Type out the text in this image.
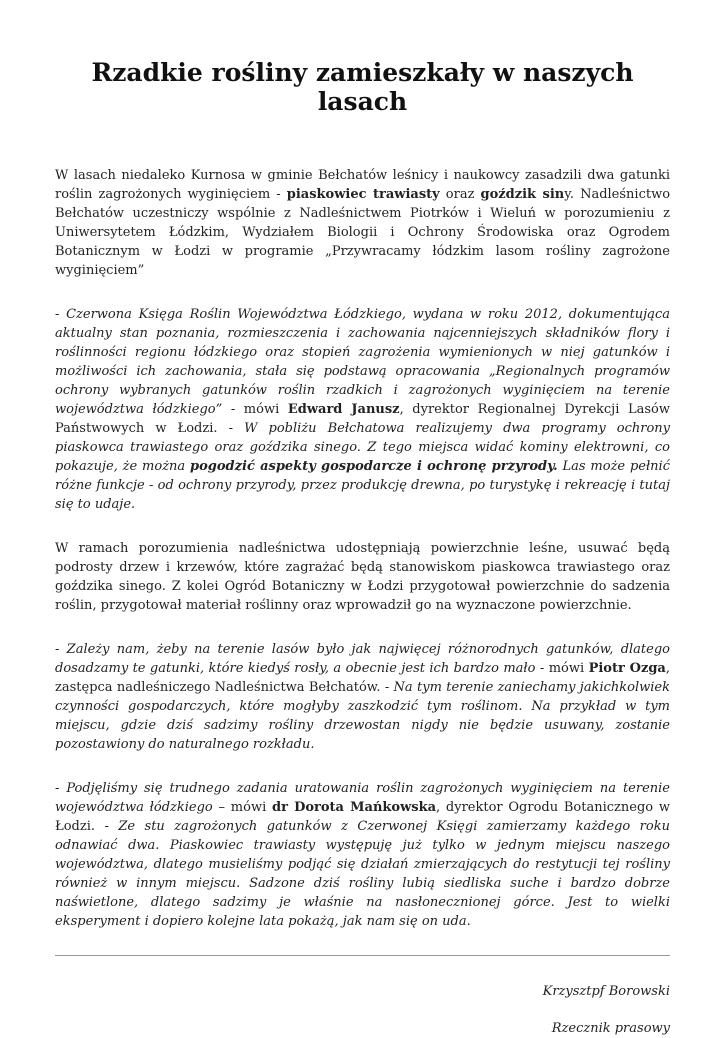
Rzadkie rośliny zamieszkały w naszych lasach

W lasach niedaleko Kurnosa w gminie Bełchatów leśnicy i naukowcy zasadzili dwa gatunki roślin zagrożonych wyginięciem - piaskowiec trawiasty oraz goździk siny. Nadleśnictwo Bełchatów uczestniczy wspólnie z Nadleśnictwem Piotrków i Wieluń w porozumieniu z Uniwersytetem Łódzkim, Wydziałem Biologii i Ochrony Środowiska oraz Ogrodem Botanicznym w Łodzi w programie „Przywracamy łódzkim lasom rośliny zagrożone wyginięciem”

- Czerwona Księga Roślin Województwa Łódzkiego, wydana w roku 2012, dokumentująca aktualny stan poznania, rozmieszczenia i zachowania najcenniejszych składników flory i roślinności regionu łódzkiego oraz stopień zagrożenia wymienionych w niej gatunków i możliwości ich zachowania, stała się podstawą opracowania „Regionalnych programów ochrony wybranych gatunków roślin rzadkich i zagrożonych wyginięciem na terenie województwa łódzkiego” - mówi Edward Janusz, dyrektor Regionalnej Dyrekcji Lasów Państwowych w Łodzi. - W pobliżu Bełchatowa realizujemy dwa programy ochrony piaskowca trawiastego oraz goździka sinego. Z tego miejsca widać kominy elektrowni, co pokazuje, że można pogodzić aspekty gospodarcze i ochronę przyrody. Las może pełnić różne funkcje - od ochrony przyrody, przez produkcję drewna, po turystykę i rekreację i tutaj się to udaje.

W ramach porozumienia nadleśnictwa udostępniają powierzchnie leśne, usuwać będą podrosty drzew i krzewów, które zagrażać będą stanowiskom piaskowca trawiastego oraz goździka sinego. Z kolei Ogród Botaniczny w Łodzi przygotował powierzchnie do sadzenia roślin, przygotował materiał roślinny oraz wprowadził go na wyznaczone powierzchnie.

- Zależy nam, żeby na terenie lasów było jak najwięcej różnorodnych gatunków, dlatego dosadzamy te gatunki, które kiedyś rosły, a obecnie jest ich bardzo mało - mówi Piotr Ozga, zastępca nadleśniczego Nadleśnictwa Bełchatów. - Na tym terenie zaniechamy jakichkolwiek czynności gospodarczych, które mogłyby zaszkodzić tym roślinom. Na przykład w tym miejscu, gdzie dziś sadzimy rośliny drzewostan nigdy nie będzie usuwany, zostanie pozostawiony do naturalnego rozkładu.

- Podjęliśmy się trudnego zadania uratowania roślin zagrożonych wyginięciem na terenie województwa łódzkiego – mówi dr Dorota Mańkowska, dyrektor Ogrodu Botanicznego w Łodzi. - Ze stu zagrożonych gatunków z Czerwonej Księgi zamierzamy każdego roku odnawiać dwa. Piaskowiec trawiasty występuję już tylko w jednym miejscu naszego województwa, dlatego musieliśmy podjąć się działań zmierzających do restytucji tej rośliny również w innym miejscu. Sadzone dziś rośliny lubią siedliska suche i bardzo dobrze naświetlone, dlatego sadzimy je właśnie na nasłonecznionej górce. Jest to wielki eksperyment i dopiero kolejne lata pokażą, jak nam się on uda.

Krzysztpf Borowski

Rzecznik prasowy
